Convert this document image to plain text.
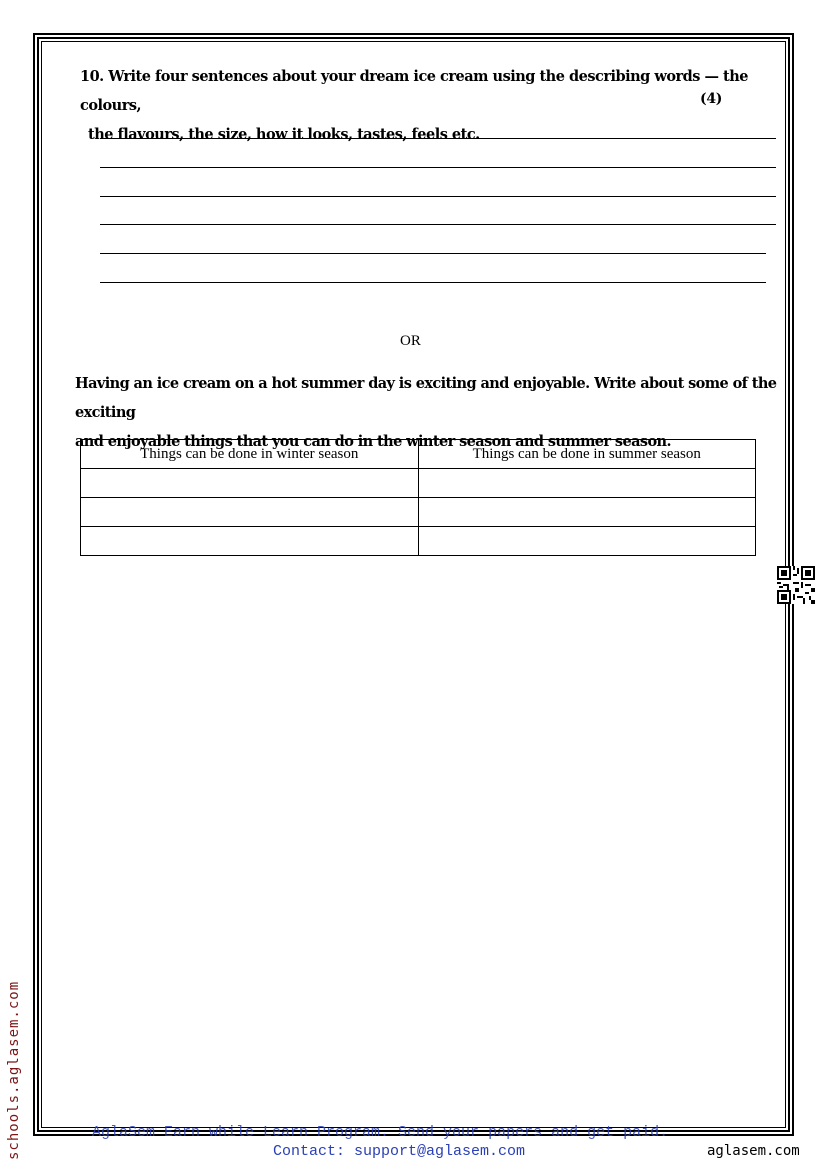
10. Write four sentences about your dream ice cream using the describing words — the colours,
the flavours, the size, how it looks, tastes, feels etc.
(4)
OR
Having an ice cream on a hot summer day is exciting and enjoyable. Write about some of the exciting
and enjoyable things that you can do in the winter season and summer season.
Things can be done in winter season	Things can be done in summer season

schools.aglasem.com	AglaSem Earn while Learn Program. Send your papers and get paid.
Contact: support@aglasem.com	aglasem.com
